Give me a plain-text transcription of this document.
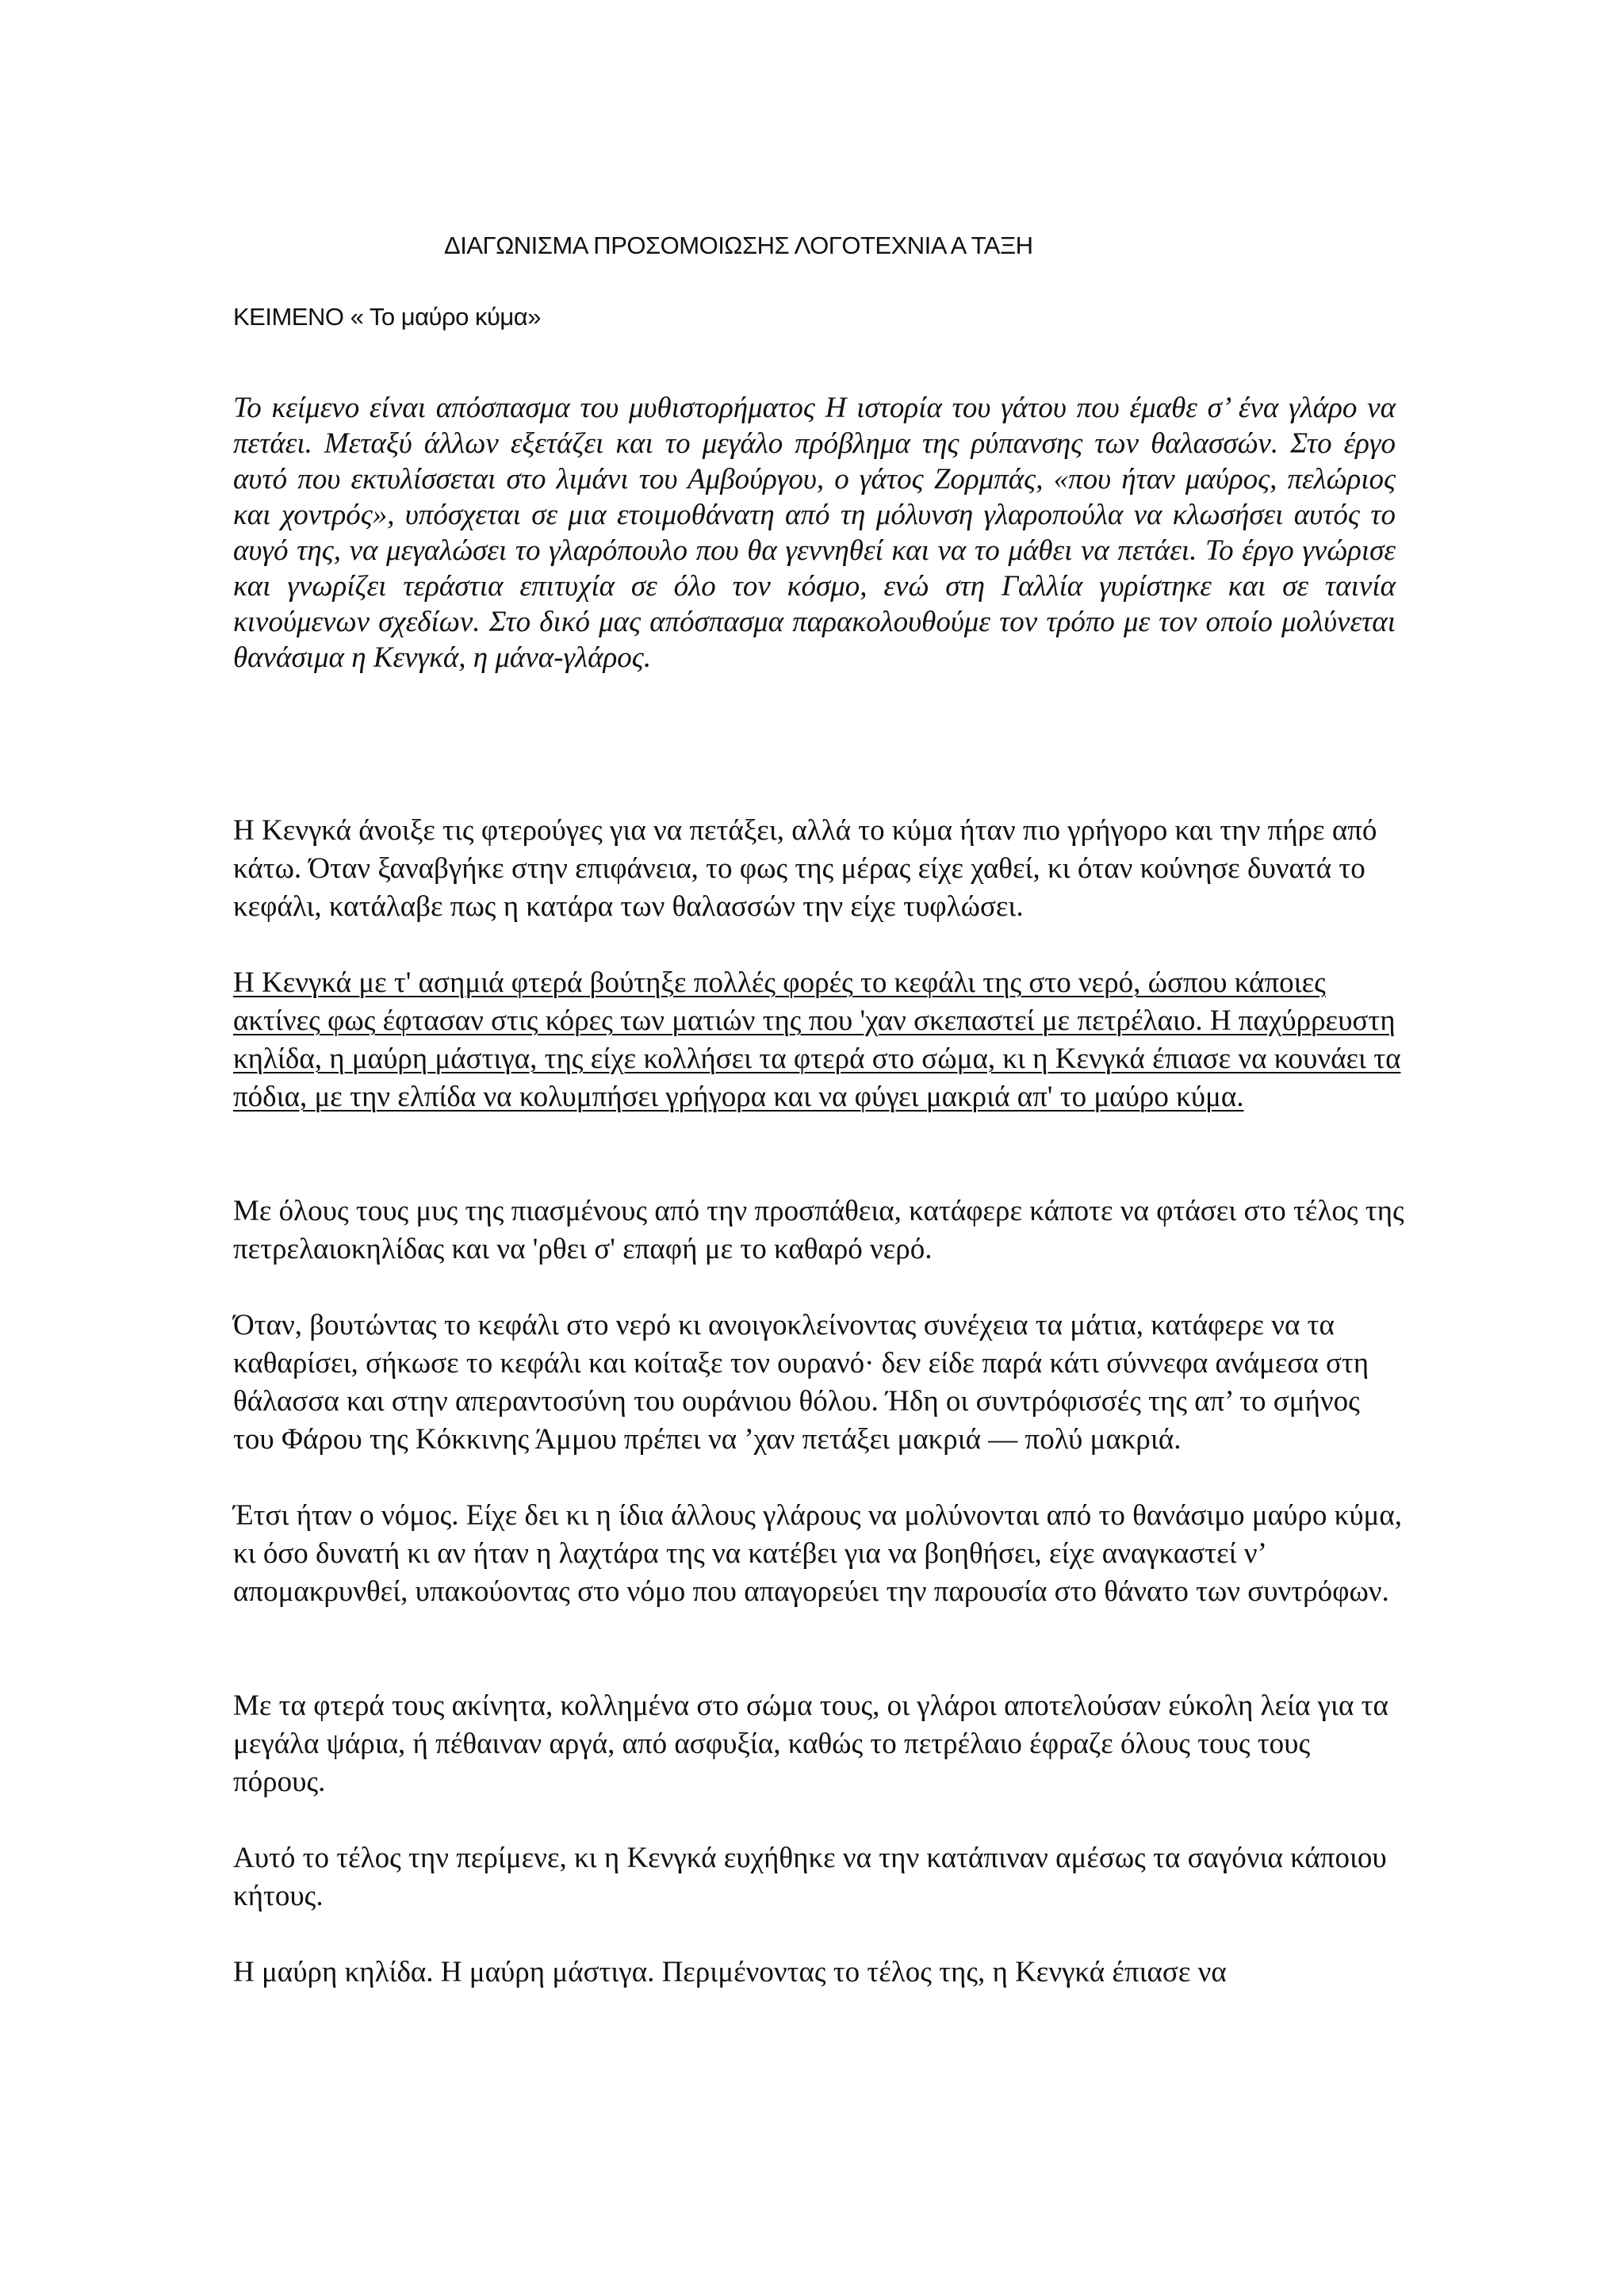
ΔΙΑΓΩΝΙΣΜΑ ΠΡΟΣΟΜΟΙΩΣΗΣ ΛΟΓΟΤΕΧΝΙΑ Α ΤΑΞΗ
ΚΕΙΜΕΝΟ « Το μαύρο κύμα»

Το κείμενο είναι απόσπασμα του μυθιστορήματος Η ιστορία του γάτου που έμαθε σ’ ένα γλάρο να πετάει. Μεταξύ άλλων εξετάζει και το μεγάλο πρόβλημα της ρύπανσης των θαλασσών. Στο έργο αυτό που εκτυλίσσεται στο λιμάνι του Αμβούργου, ο γάτος Ζορμπάς, «που ήταν μαύρος, πελώριος και χοντρός», υπόσχεται σε μια ετοιμοθάνατη από τη μόλυνση γλαροπούλα να κλωσήσει αυτός το αυγό της, να μεγαλώσει το γλαρόπουλο που θα γεννηθεί και να το μάθει να πετάει. Το έργο γνώρισε και γνωρίζει τεράστια επιτυχία σε όλο τον κόσμο, ενώ στη Γαλλία γυρίστηκε και σε ταινία κινούμενων σχεδίων. Στο δικό μας απόσπασμα παρακολουθούμε τον τρόπο με τον οποίο μολύνεται θανάσιμα η Κενγκά, η μάνα-γλάρος.

Η Κενγκά άνοιξε τις φτερούγες για να πετάξει, αλλά το κύμα ήταν πιο γρήγορο και την πήρε από κάτω. Όταν ξαναβγήκε στην επιφάνεια, το φως της μέρας είχε χαθεί, κι όταν κούνησε δυνατά το κεφάλι, κατάλαβε πως η κατάρα των θαλασσών την είχε τυφλώσει.

Η Κενγκά με τ' ασημιά φτερά βούτηξε πολλές φορές το κεφάλι της στο νερό, ώσπου κάποιες ακτίνες φως έφτασαν στις κόρες των ματιών της που 'χαν σκεπαστεί με πετρέλαιο. Η παχύρρευστη κηλίδα, η μαύρη μάστιγα, της είχε κολλήσει τα φτερά στο σώμα, κι η Κενγκά έπιασε να κουνάει τα πόδια, με την ελπίδα να κολυμπήσει γρήγορα και να φύγει μακριά απ' το μαύρο κύμα.

Με όλους τους μυς της πιασμένους από την προσπάθεια, κατάφερε κάποτε να φτάσει στο τέλος της πετρελαιοκηλίδας και να 'ρθει σ' επαφή με το καθαρό νερό.

Όταν, βουτώντας το κεφάλι στο νερό κι ανοιγοκλείνοντας συνέχεια τα μάτια, κατάφερε να τα καθαρίσει, σήκωσε το κεφάλι και κοίταξε τον ουρανό· δεν είδε παρά κάτι σύννεφα ανάμεσα στη θάλασσα και στην απεραντοσύνη του ουράνιου θόλου. Ήδη οι συντρόφισσές της απ’ το σμήνος του Φάρου της Κόκκινης Άμμου πρέπει να ’χαν πετάξει μακριά — πολύ μακριά.

Έτσι ήταν ο νόμος. Είχε δει κι η ίδια άλλους γλάρους να μολύνονται από το θανάσιμο μαύρο κύμα, κι όσο δυνατή κι αν ήταν η λαχτάρα της να κατέβει για να βοηθήσει, είχε αναγκαστεί ν’ απομακρυνθεί, υπακούοντας στο νόμο που απαγορεύει την παρουσία στο θάνατο των συντρόφων.

Με τα φτερά τους ακίνητα, κολλημένα στο σώμα τους, οι γλάροι αποτελούσαν εύκολη λεία για τα μεγάλα ψάρια, ή πέθαιναν αργά, από ασφυξία, καθώς το πετρέλαιο έφραζε όλους τους τους πόρους.

Αυτό το τέλος την περίμενε, κι η Κενγκά ευχήθηκε να την κατάπιναν αμέσως τα σαγόνια κάποιου κήτους.

Η μαύρη κηλίδα. Η μαύρη μάστιγα. Περιμένοντας το τέλος της, η Κενγκά έπιασε να
